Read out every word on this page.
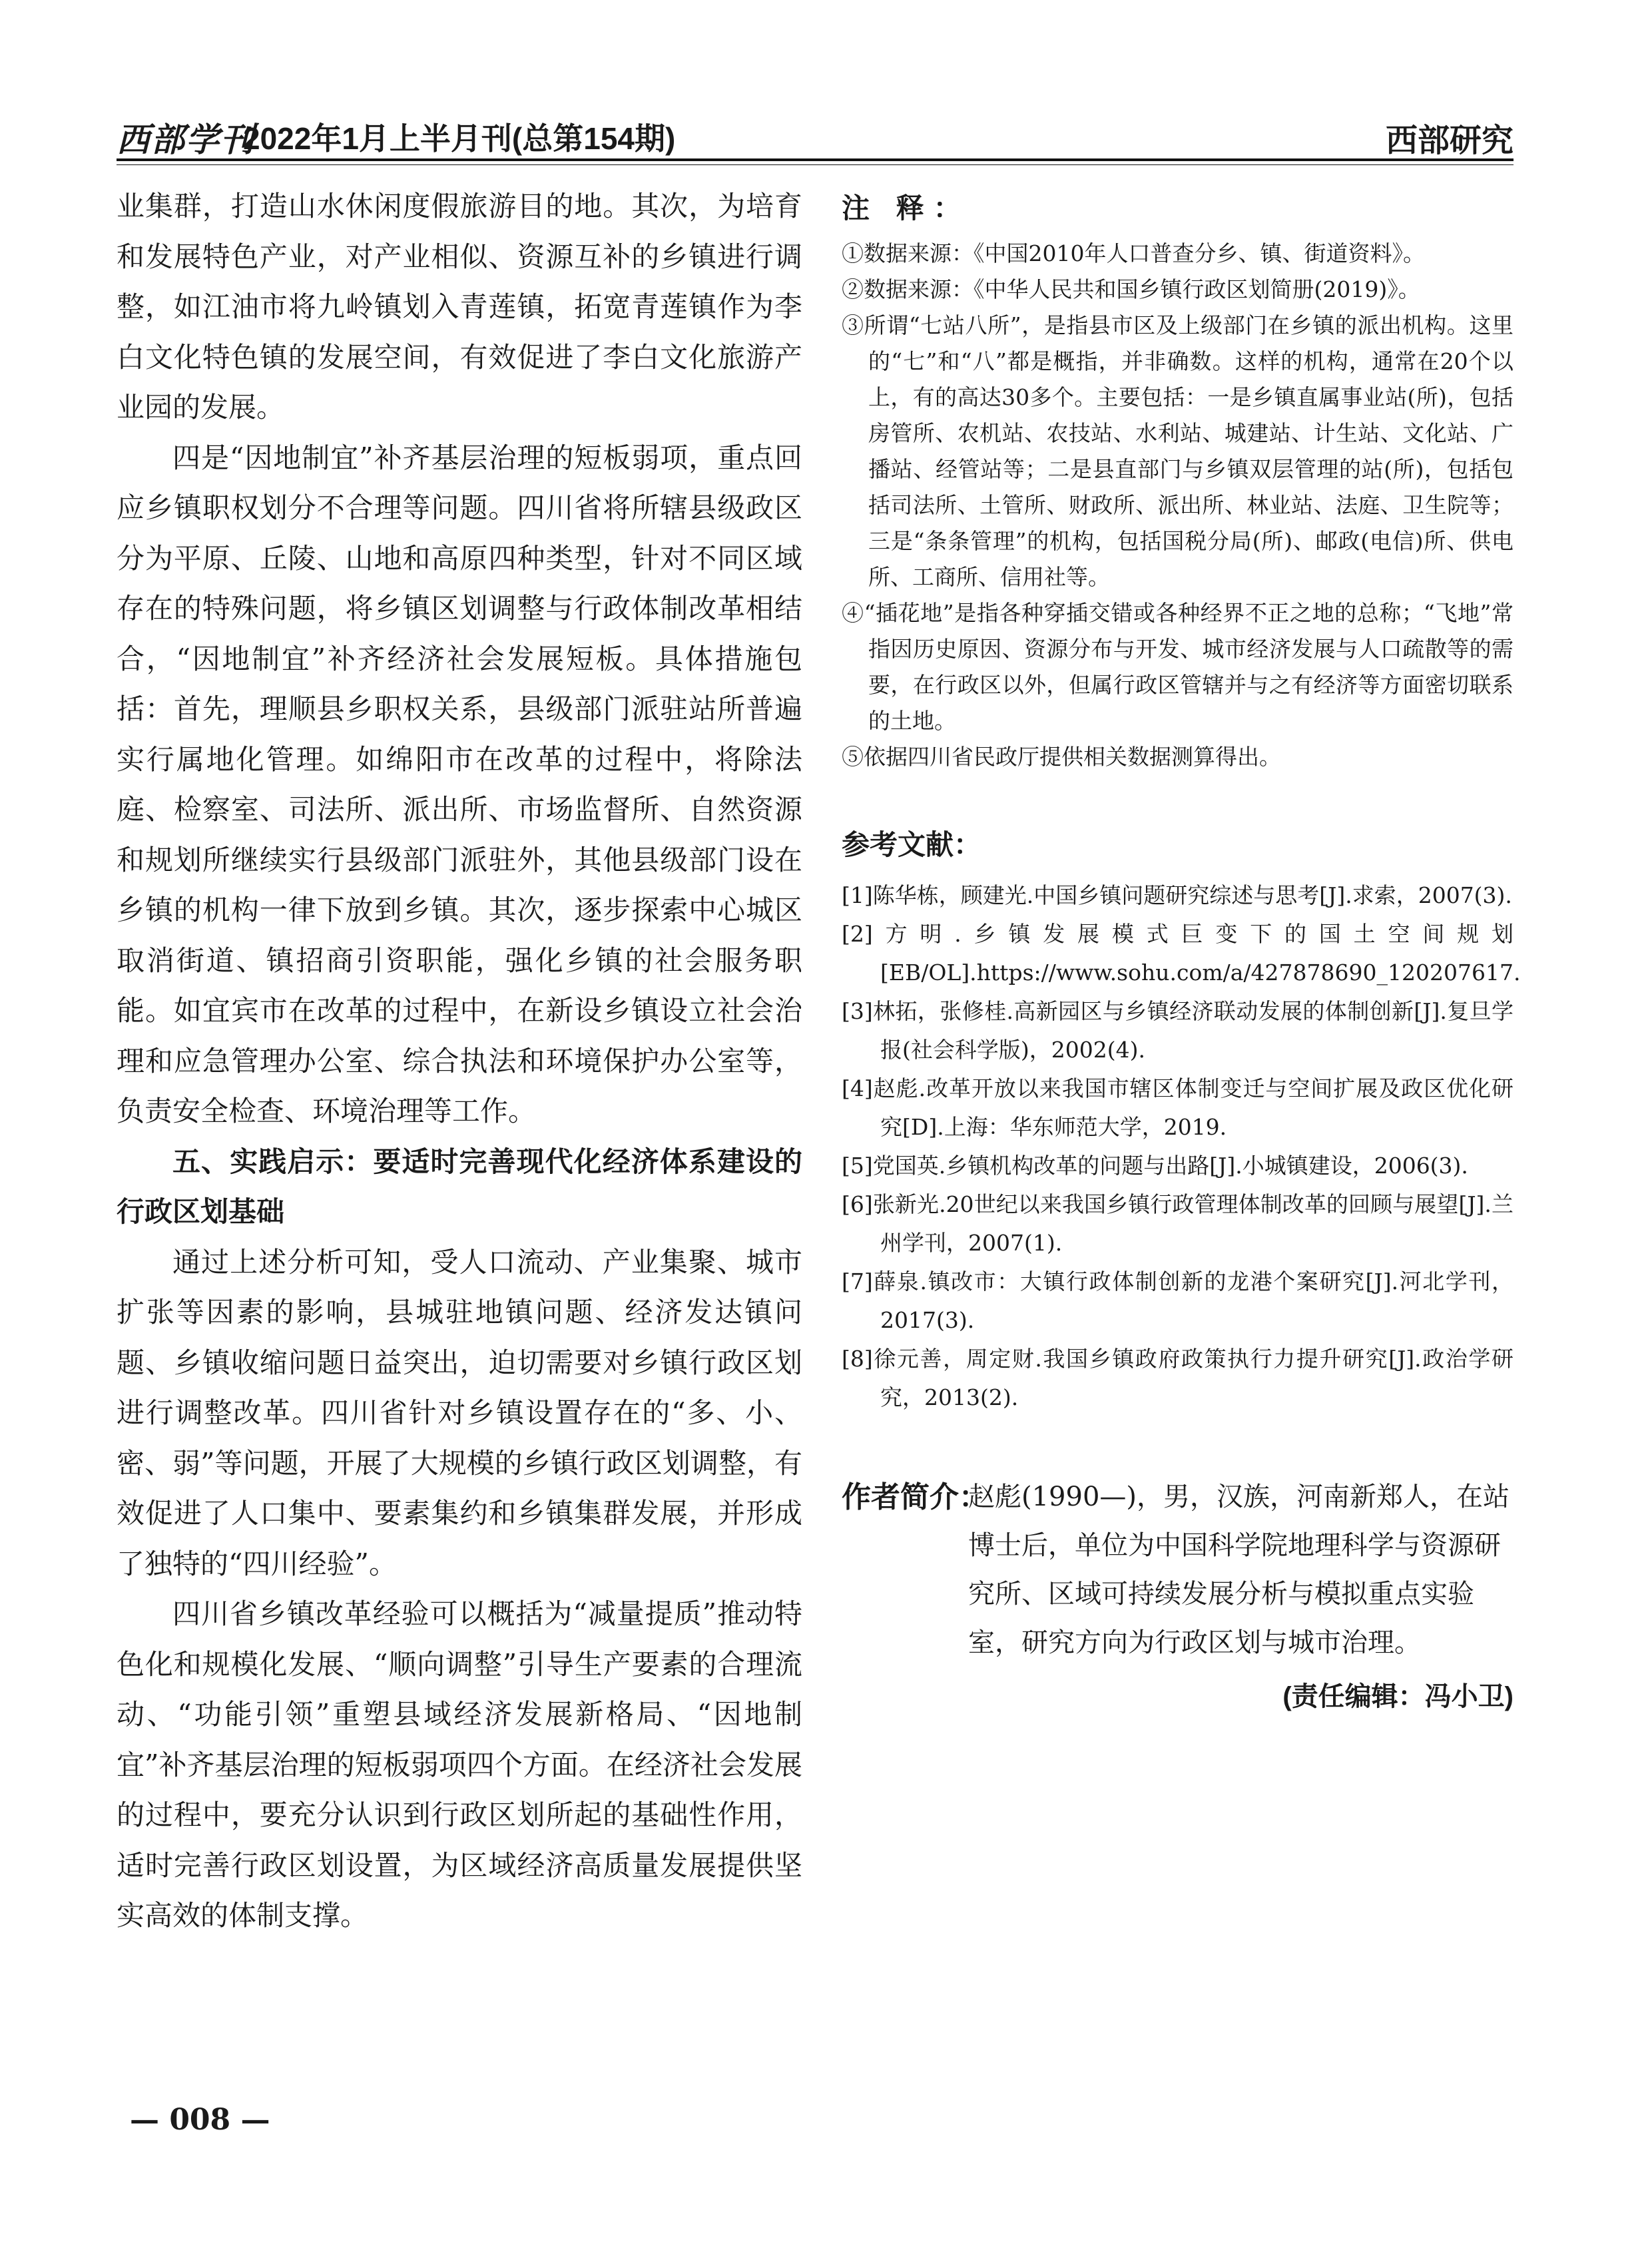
西部学刊
2022年1月上半月刊(总第154期)	西部研究

业集群，打造山水休闲度假旅游目的地。其次，为培育和发展特色产业，对产业相似、资源互补的乡镇进行调整，如江油市将九岭镇划入青莲镇，拓宽青莲镇作为李白文化特色镇的发展空间，有效促进了李白文化旅游产业园的发展。

四是“因地制宜”补齐基层治理的短板弱项，重点回应乡镇职权划分不合理等问题。四川省将所辖县级政区分为平原、丘陵、山地和高原四种类型，针对不同区域存在的特殊问题，将乡镇区划调整与行政体制改革相结合，“因地制宜”补齐经济社会发展短板。具体措施包括：首先，理顺县乡职权关系，县级部门派驻站所普遍实行属地化管理。如绵阳市在改革的过程中，将除法庭、检察室、司法所、派出所、市场监督所、自然资源和规划所继续实行县级部门派驻外，其他县级部门设在乡镇的机构一律下放到乡镇。其次，逐步探索中心城区取消街道、镇招商引资职能，强化乡镇的社会服务职能。如宜宾市在改革的过程中，在新设乡镇设立社会治理和应急管理办公室、综合执法和环境保护办公室等，负责安全检查、环境治理等工作。

五、实践启示：要适时完善现代化经济体系建设的行政区划基础

通过上述分析可知，受人口流动、产业集聚、城市扩张等因素的影响，县城驻地镇问题、经济发达镇问题、乡镇收缩问题日益突出，迫切需要对乡镇行政区划进行调整改革。四川省针对乡镇设置存在的“多、小、密、弱”等问题，开展了大规模的乡镇行政区划调整，有效促进了人口集中、要素集约和乡镇集群发展，并形成了独特的“四川经验”。

四川省乡镇改革经验可以概括为“减量提质”推动特色化和规模化发展、“顺向调整”引导生产要素的合理流动、“功能引领”重塑县域经济发展新格局、“因地制宜”补齐基层治理的短板弱项四个方面。在经济社会发展的过程中，要充分认识到行政区划所起的基础性作用，适时完善行政区划设置，为区域经济高质量发展提供坚实高效的体制支撑。

注 释：

①数据来源：《中国2010年人口普查分乡、镇、街道资料》。

②数据来源：《中华人民共和国乡镇行政区划简册(2019)》。

③所谓“七站八所”，是指县市区及上级部门在乡镇的派出机构。这里的“七”和“八”都是概指，并非确数。这样的机构，通常在20个以上，有的高达30多个。主要包括：一是乡镇直属事业站(所)，包括房管所、农机站、农技站、水利站、城建站、计生站、文化站、广播站、经管站等；二是县直部门与乡镇双层管理的站(所)，包括包括司法所、土管所、财政所、派出所、林业站、法庭、卫生院等；三是“条条管理”的机构，包括国税分局(所)、邮政(电信)所、供电所、工商所、信用社等。

④“插花地”是指各种穿插交错或各种经界不正之地的总称；“飞地”常指因历史原因、资源分布与开发、城市经济发展与人口疏散等的需要，在行政区以外，但属行政区管辖并与之有经济等方面密切联系的土地。

⑤依据四川省民政厅提供相关数据测算得出。

参考文献：

[1]陈华栋，顾建光.中国乡镇问题研究综述与思考[J].求索，2007(3).

[2]方明.乡镇发展模式巨变下的国土空间规划[EB/OL].https://www.sohu.com/a/427878690_120207617.

[3]林拓，张修桂.高新园区与乡镇经济联动发展的体制创新[J].复旦学报(社会科学版)，2002(4).

[4]赵彪.改革开放以来我国市辖区体制变迁与空间扩展及政区优化研究[D].上海：华东师范大学，2019.

[5]党国英.乡镇机构改革的问题与出路[J].小城镇建设，2006(3).

[6]张新光.20世纪以来我国乡镇行政管理体制改革的回顾与展望[J].兰州学刊，2007(1).

[7]薛泉.镇改市：大镇行政体制创新的龙港个案研究[J].河北学刊，2017(3).

[8]徐元善，周定财.我国乡镇政府政策执行力提升研究[J].政治学研究，2013(2).

作者简介：
赵彪(1990—)，男，汉族，河南新郑人，在站博士后，单位为中国科学院地理科学与资源研究所、区域可持续发展分析与模拟重点实验室，研究方向为行政区划与城市治理。
(责任编辑：冯小卫)
— 008 —
